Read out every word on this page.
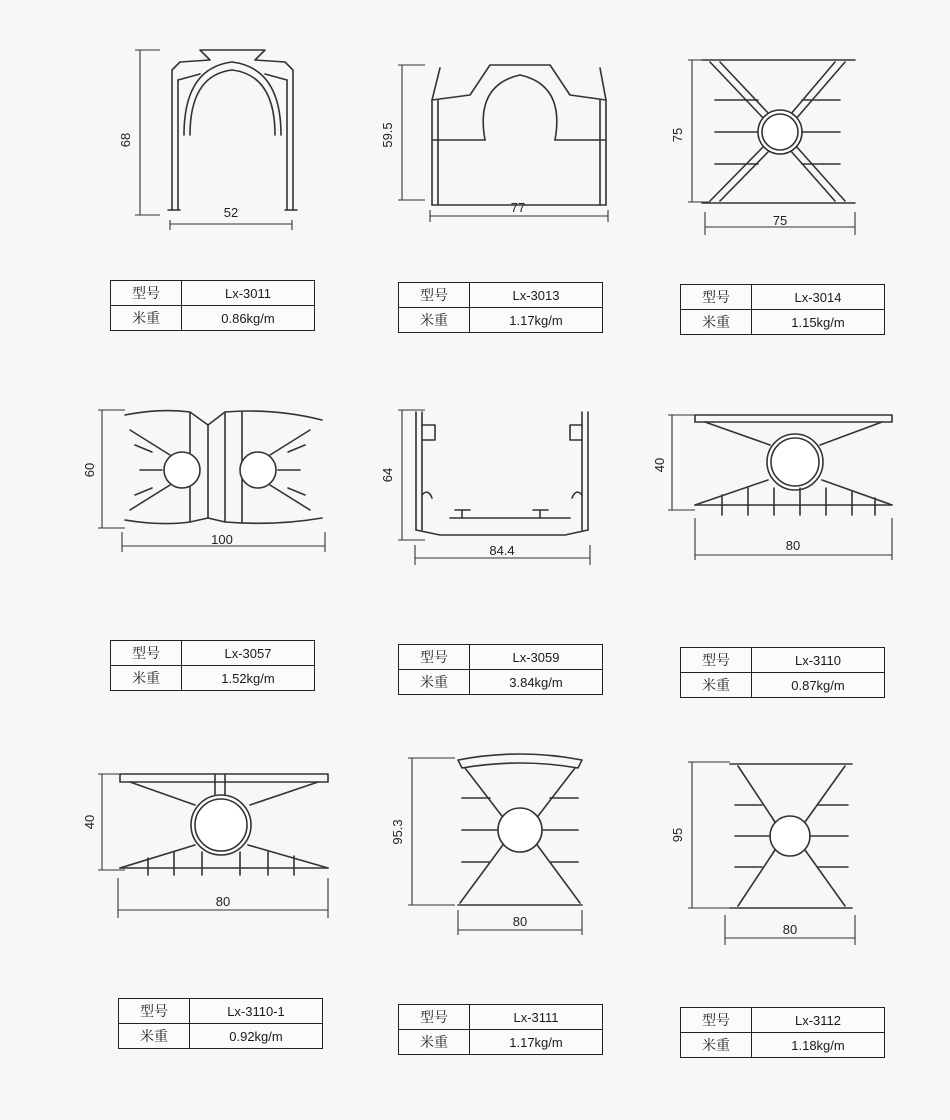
68
52
型号	Lx-3011
米重	0.86kg/m
59.5
77
型号	Lx-3013
米重	1.17kg/m
75
75
型号	Lx-3014
米重	1.15kg/m
60
100
型号	Lx-3057
米重	1.52kg/m
64
84.4
型号	Lx-3059
米重	3.84kg/m
40
80
型号	Lx-3110
米重	0.87kg/m
40
80
型号	Lx-3110-1
米重	0.92kg/m
95.3
80
型号	Lx-3111
米重	1.17kg/m
95
80
型号	Lx-3112
米重	1.18kg/m
